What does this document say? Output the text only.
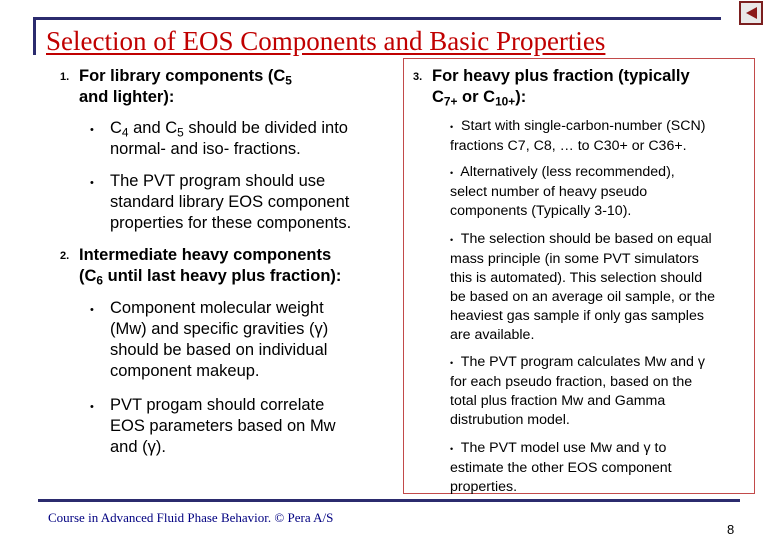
Selection of EOS Components and Basic Properties
1. For library components ($C_5$
and lighter):
• $C_4$ and $C_5$ should be divided into
normal- and iso- fractions.
• The PVT program should use
standard library EOS component
properties for these components.
2. Intermediate heavy components
($C_6$ until last heavy plus fraction):
• Component molecular weight
(Mw) and specific gravities (γ)
should be based on individual
component makeup.
• PVT progam should correlate
EOS parameters based on Mw
and (γ).
3. For heavy plus fraction (typically
$C_{7+}$ or $C_{10+}$):
• Start with single-carbon-number (SCN)
fractions C7, C8, … to C30+ or C36+.
• Alternatively (less recommended),
select number of heavy pseudo
components (Typically 3-10).
• The selection should be based on equal
mass principle (in some PVT simulators
this is automated). This selection should
be based on an average oil sample, or the
heaviest gas sample if only gas samples
are available.
• The PVT program calculates Mw and γ
for each pseudo fraction, based on the
total plus fraction Mw and Gamma
distrubution model.
• The PVT model use Mw and γ to
estimate the other EOS component
properties.
Course in Advanced Fluid Phase Behavior. © Pera A/S
8
